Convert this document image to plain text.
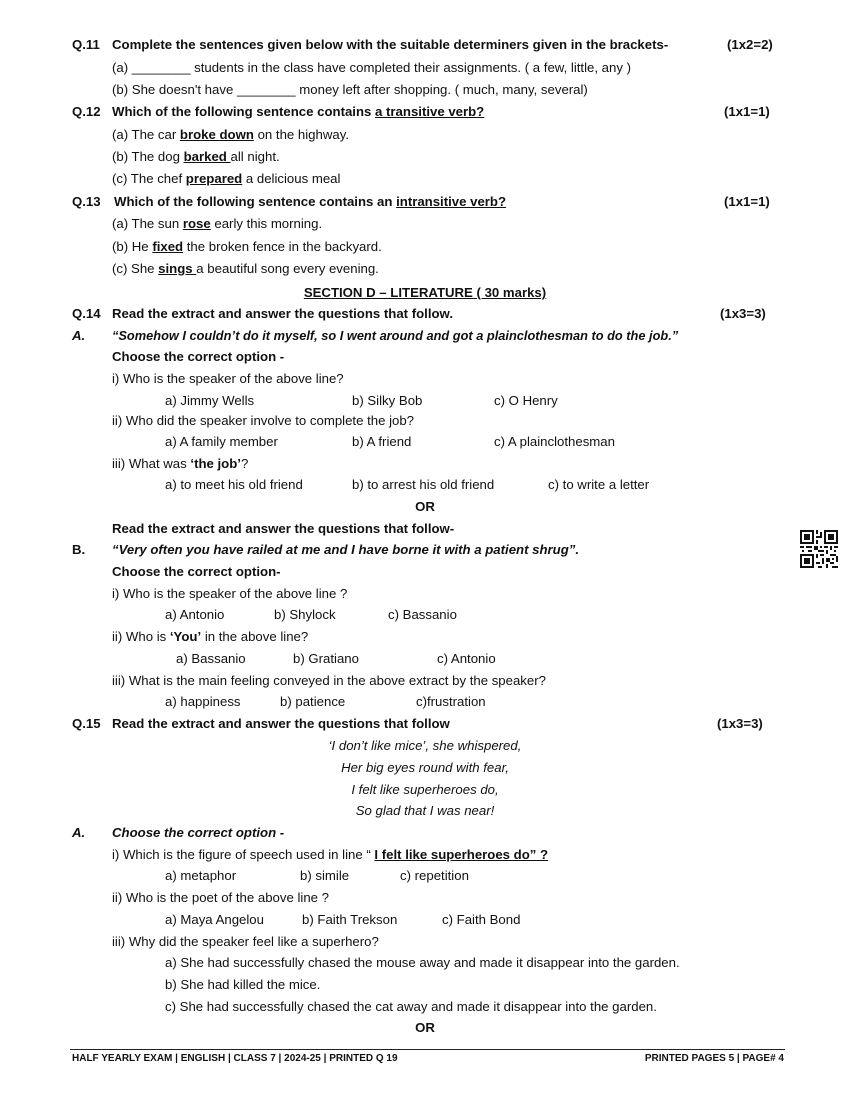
Q.11 Complete the sentences given below with the suitable determiners given in the brackets-	(1x2=2)
(a) ________ students in the class have completed their assignments. ( a few, little, any )
(b) She doesn't have ________ money left after shopping. ( much, many, several)
Q.12 Which of the following sentence contains a transitive verb?	(1x1=1)
(a) The car broke down on the highway.
(b) The dog barked all night.
(c) The chef prepared a delicious meal
Q.13 Which of the following sentence contains an intransitive verb?	(1x1=1)
(a) The sun rose early this morning.
(b) He fixed the broken fence in the backyard.
(c) She sings a beautiful song every evening.
SECTION D – LITERATURE ( 30 marks)
Q.14 Read the extract and answer the questions that follow.	(1x3=3)
A. “Somehow I couldn’t do it myself, so I went around and got a plainclothesman to do the job.”
Choose the correct option -
i) Who is the speaker of the above line?
a) Jimmy Wells	b) Silky Bob	c) O Henry
ii) Who did the speaker involve to complete the job?
a) A family member	b) A friend	c) A plainclothesman
iii) What was ‘the job’?
a) to meet his old friend	b) to arrest his old friend	c) to write a letter
OR
Read the extract and answer the questions that follow-
B. “Very often you have railed at me and I have borne it with a patient shrug”.
Choose the correct option-
i) Who is the speaker of the above line ?
a) Antonio	b) Shylock	c) Bassanio
ii) Who is ‘You’ in the above line?
a) Bassanio	b) Gratiano	c) Antonio
iii) What is the main feeling conveyed in the above extract by the speaker?
a) happiness	b) patience	c)frustration
Q.15 Read the extract and answer the questions that follow	(1x3=3)
‘I don’t like mice’, she whispered,
Her big eyes round with fear,
I felt like superheroes do,
So glad that I was near!
A. Choose the correct option -
i) Which is the figure of speech used in line “ I felt like superheroes do” ?
a) metaphor	b) simile	c) repetition
ii) Who is the poet of the above line ?
a) Maya Angelou	b) Faith Trekson	c) Faith Bond
iii) Why did the speaker feel like a superhero?
a) She had successfully chased the mouse away and made it disappear into the garden.
b) She had killed the mice.
c) She had successfully chased the cat away and made it disappear into the garden.
OR
HALF YEARLY EXAM | ENGLISH | CLASS 7 | 2024-25 | PRINTED Q 19	PRINTED PAGES 5 | PAGE# 4
